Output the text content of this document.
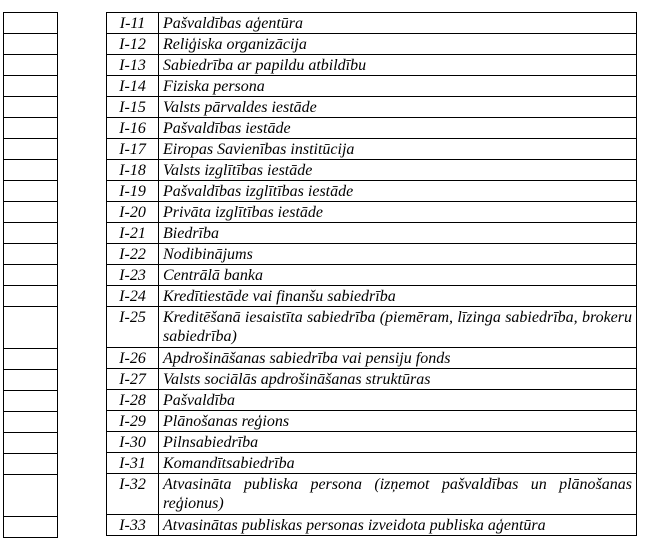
I-11	Pašvaldības aģentūra
I-12	Reliģiska organizācija
I-13	Sabiedrība ar papildu atbildību
I-14	Fiziska persona
I-15	Valsts pārvaldes iestāde
I-16	Pašvaldības iestāde
I-17	Eiropas Savienības institūcija
I-18	Valsts izglītības iestāde
I-19	Pašvaldības izglītības iestāde
I-20	Privāta izglītības iestāde
I-21	Biedrība
I-22	Nodibinājums
I-23	Centrālā banka
I-24	Kredītiestāde vai finanšu sabiedrība
I-25	Kreditēšanā iesaistīta sabiedrība (piemēram, līzinga sabiedrība, brokeru sabiedrība)
I-26	Apdrošināšanas sabiedrība vai pensiju fonds
I-27	Valsts sociālās apdrošināšanas struktūras
I-28	Pašvaldība
I-29	Plānošanas reģions
I-30	Pilnsabiedrība
I-31	Komandītsabiedrība
I-32	Atvasināta publiska persona (izņemot pašvaldības un plānošanas reģionus)
I-33	Atvasinātas publiskas personas izveidota publiska aģentūra
